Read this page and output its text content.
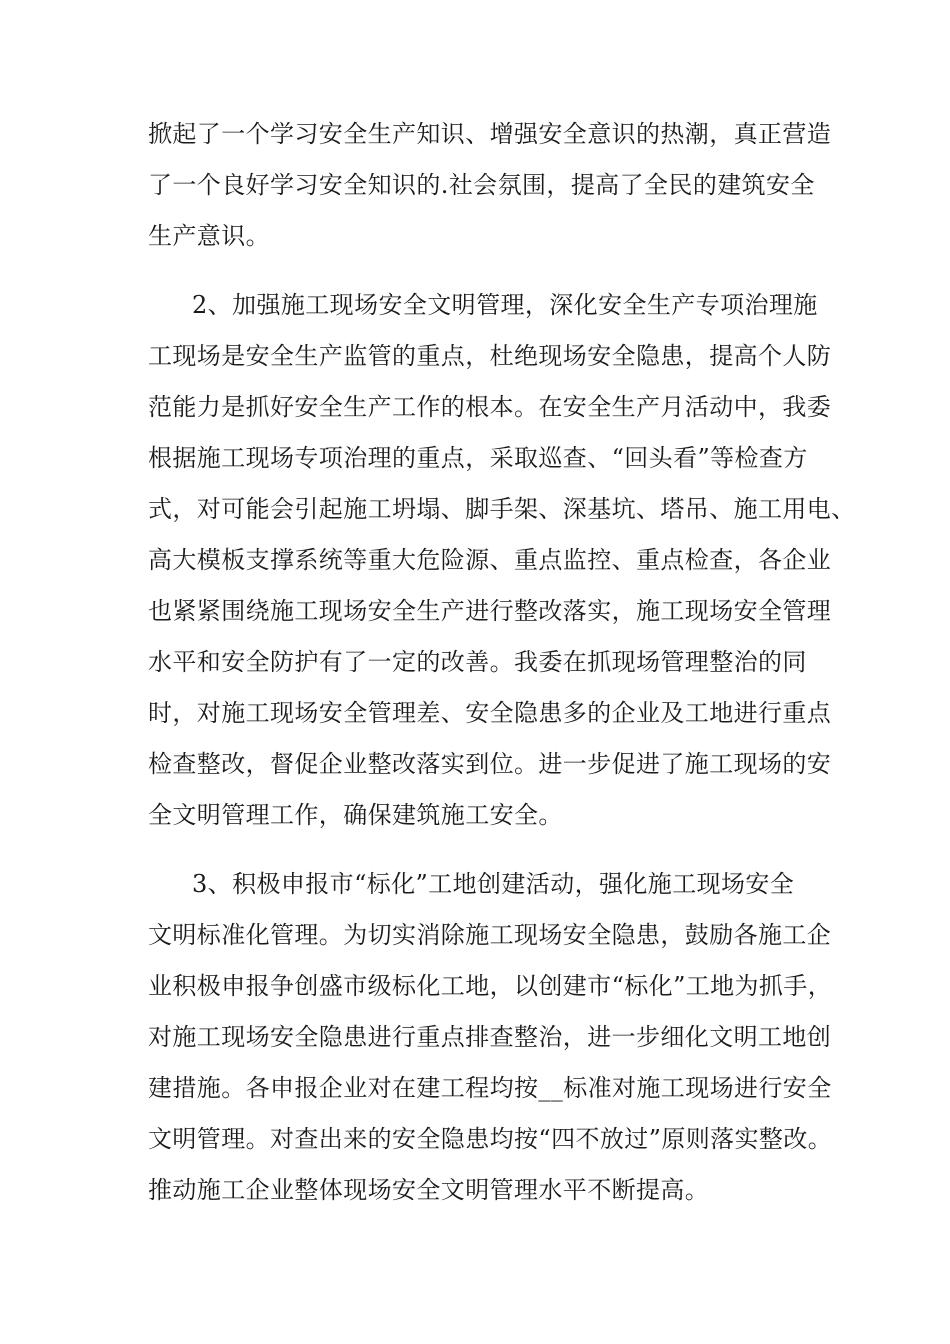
掀起了一个学习安全生产知识、增强安全意识的热潮，真正营造
了一个良好学习安全知识的.社会氛围，提高了全民的建筑安全
生产意识。
2、加强施工现场安全文明管理，深化安全生产专项治理施
工现场是安全生产监管的重点，杜绝现场安全隐患，提高个人防
范能力是抓好安全生产工作的根本。在安全生产月活动中，我委
根据施工现场专项治理的重点，采取巡查、“回头看”等检查方
式，对可能会引起施工坍塌、脚手架、深基坑、塔吊、施工用电、
高大模板支撑系统等重大危险源、重点监控、重点检查，各企业
也紧紧围绕施工现场安全生产进行整改落实，施工现场安全管理
水平和安全防护有了一定的改善。我委在抓现场管理整治的同
时，对施工现场安全管理差、安全隐患多的企业及工地进行重点
检查整改，督促企业整改落实到位。进一步促进了施工现场的安
全文明管理工作，确保建筑施工安全。
3、积极申报市“标化”工地创建活动，强化施工现场安全
文明标准化管理。为切实消除施工现场安全隐患，鼓励各施工企
业积极申报争创盛市级标化工地，以创建市“标化”工地为抓手，
对施工现场安全隐患进行重点排查整治，进一步细化文明工地创
建措施。各申报企业对在建工程均按__标准对施工现场进行安全
文明管理。对查出来的安全隐患均按“四不放过”原则落实整改。
推动施工企业整体现场安全文明管理水平不断提高。
